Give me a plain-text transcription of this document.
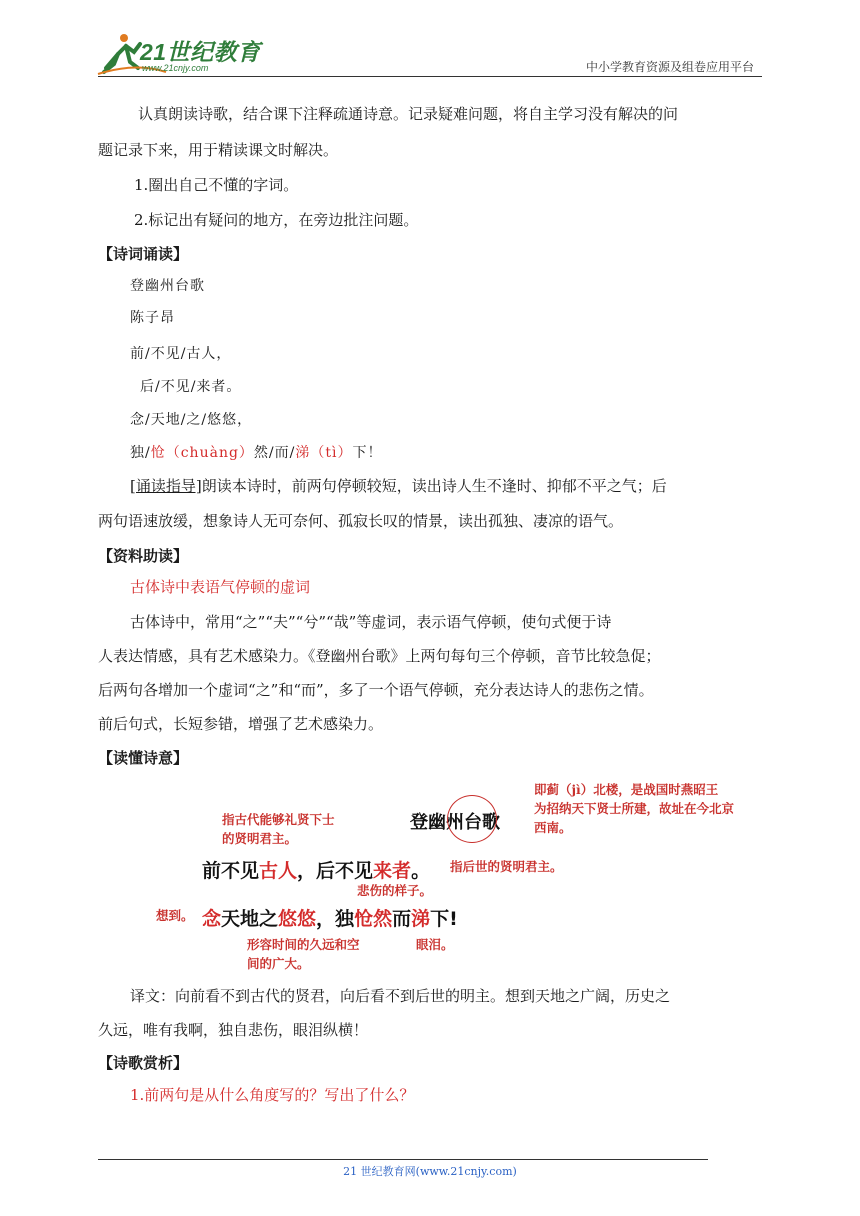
21世纪教育
www.21cnjy.com	中小学教育资源及组卷应用平台
认真朗读诗歌，结合课下注释疏通诗意。记录疑难问题，将自主学习没有解决的问
题记录下来，用于精读课文时解决。
1.圈出自己不懂的字词。
2.标记出有疑问的地方，在旁边批注问题。
【诗词诵读】
登幽州台歌
陈子昂
前/不见/古人，
后/不见/来者。
念/天地/之/悠悠，
独/怆（chuàng）然/而/涕（tì）下！
[诵读指导]朗读本诗时，前两句停顿较短，读出诗人生不逢时、抑郁不平之气；后
两句语速放缓，想象诗人无可奈何、孤寂长叹的情景，读出孤独、凄凉的语气。
【资料助读】
古体诗中表语气停顿的虚词
古体诗中，常用“之”“夫”“兮”“哉”等虚词，表示语气停顿，使句式便于诗
人表达情感，具有艺术感染力。《登幽州台歌》上两句每句三个停顿，音节比较急促；
后两句各增加一个虚词“之”和“而”，多了一个语气停顿，充分表达诗人的悲伤之情。
前后句式，长短参错，增强了艺术感染力。
【读懂诗意】
即蓟（jì）北楼，是战国时燕昭王
为招纳天下贤士所建，故址在今北京
西南。
指古代能够礼贤下士
的贤明君主。
登幽州台歌
前不见古人，后不见来者。 指后世的贤明君主。
悲伤的样子。
想到。 念天地之悠悠，独怆然而涕下!
形容时间的久远和空
间的广大。
眼泪。
译文：向前看不到古代的贤君，向后看不到后世的明主。想到天地之广阔，历史之
久远，唯有我啊，独自悲伤，眼泪纵横！
【诗歌赏析】
1.前两句是从什么角度写的？写出了什么？
21 世纪教育网(www.21cnjy.com)
